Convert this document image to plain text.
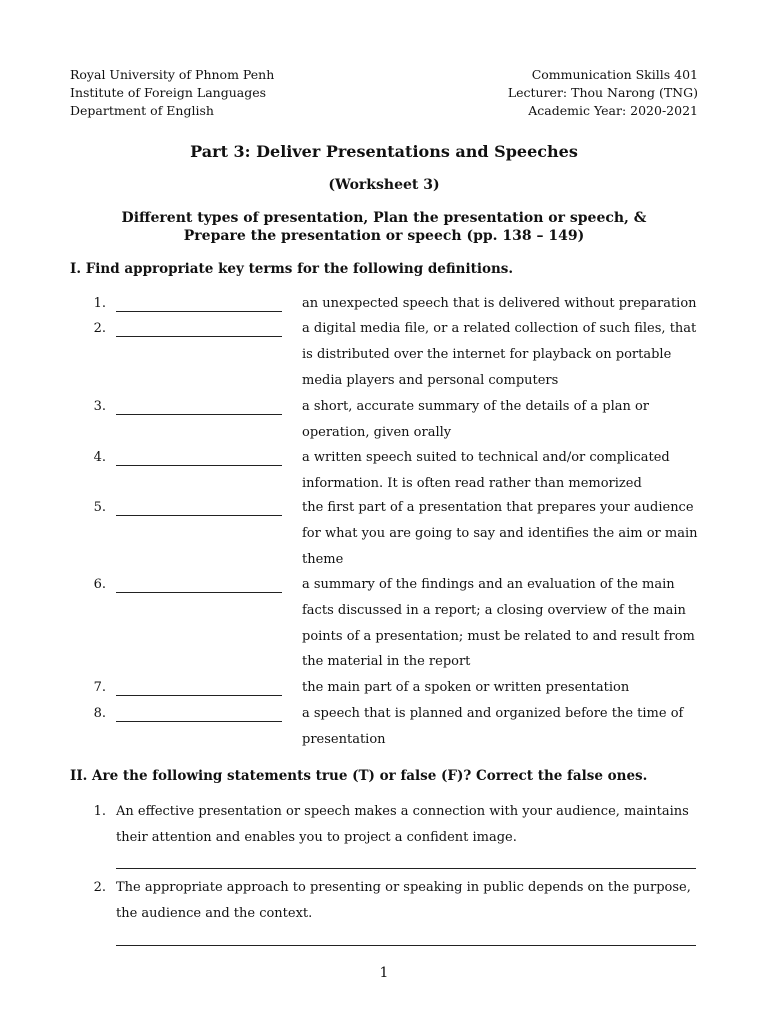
Royal University of Phnom Penh
Institute of Foreign Languages
Department of English
Communication Skills 401
Lecturer: Thou Narong (TNG)
Academic Year: 2020-2021
Part 3: Deliver Presentations and Speeches
(Worksheet 3)
Different types of presentation, Plan the presentation or speech, &
Prepare the presentation or speech (pp. 138 – 149)
I. Find appropriate key terms for the following definitions.
1.	an unexpected speech that is delivered without preparation
2.	a digital media file, or a related collection of such files, that
is distributed over the internet for playback on portable
media players and personal computers
3.	a short, accurate summary of the details of a plan or
operation, given orally
4.	a written speech suited to technical and/or complicated
information. It is often read rather than memorized
5.	the first part of a presentation that prepares your audience
for what you are going to say and identifies the aim or main
theme
6.	a summary of the findings and an evaluation of the main
facts discussed in a report; a closing overview of the main
points of a presentation; must be related to and result from
the material in the report
7.	the main part of a spoken or written presentation
8.	a speech that is planned and organized before the time of
presentation
II. Are the following statements true (T) or false (F)? Correct the false ones.
1. An effective presentation or speech makes a connection with your audience, maintains
their attention and enables you to project a confident image.
2. The appropriate approach to presenting or speaking in public depends on the purpose,
the audience and the context.
1
